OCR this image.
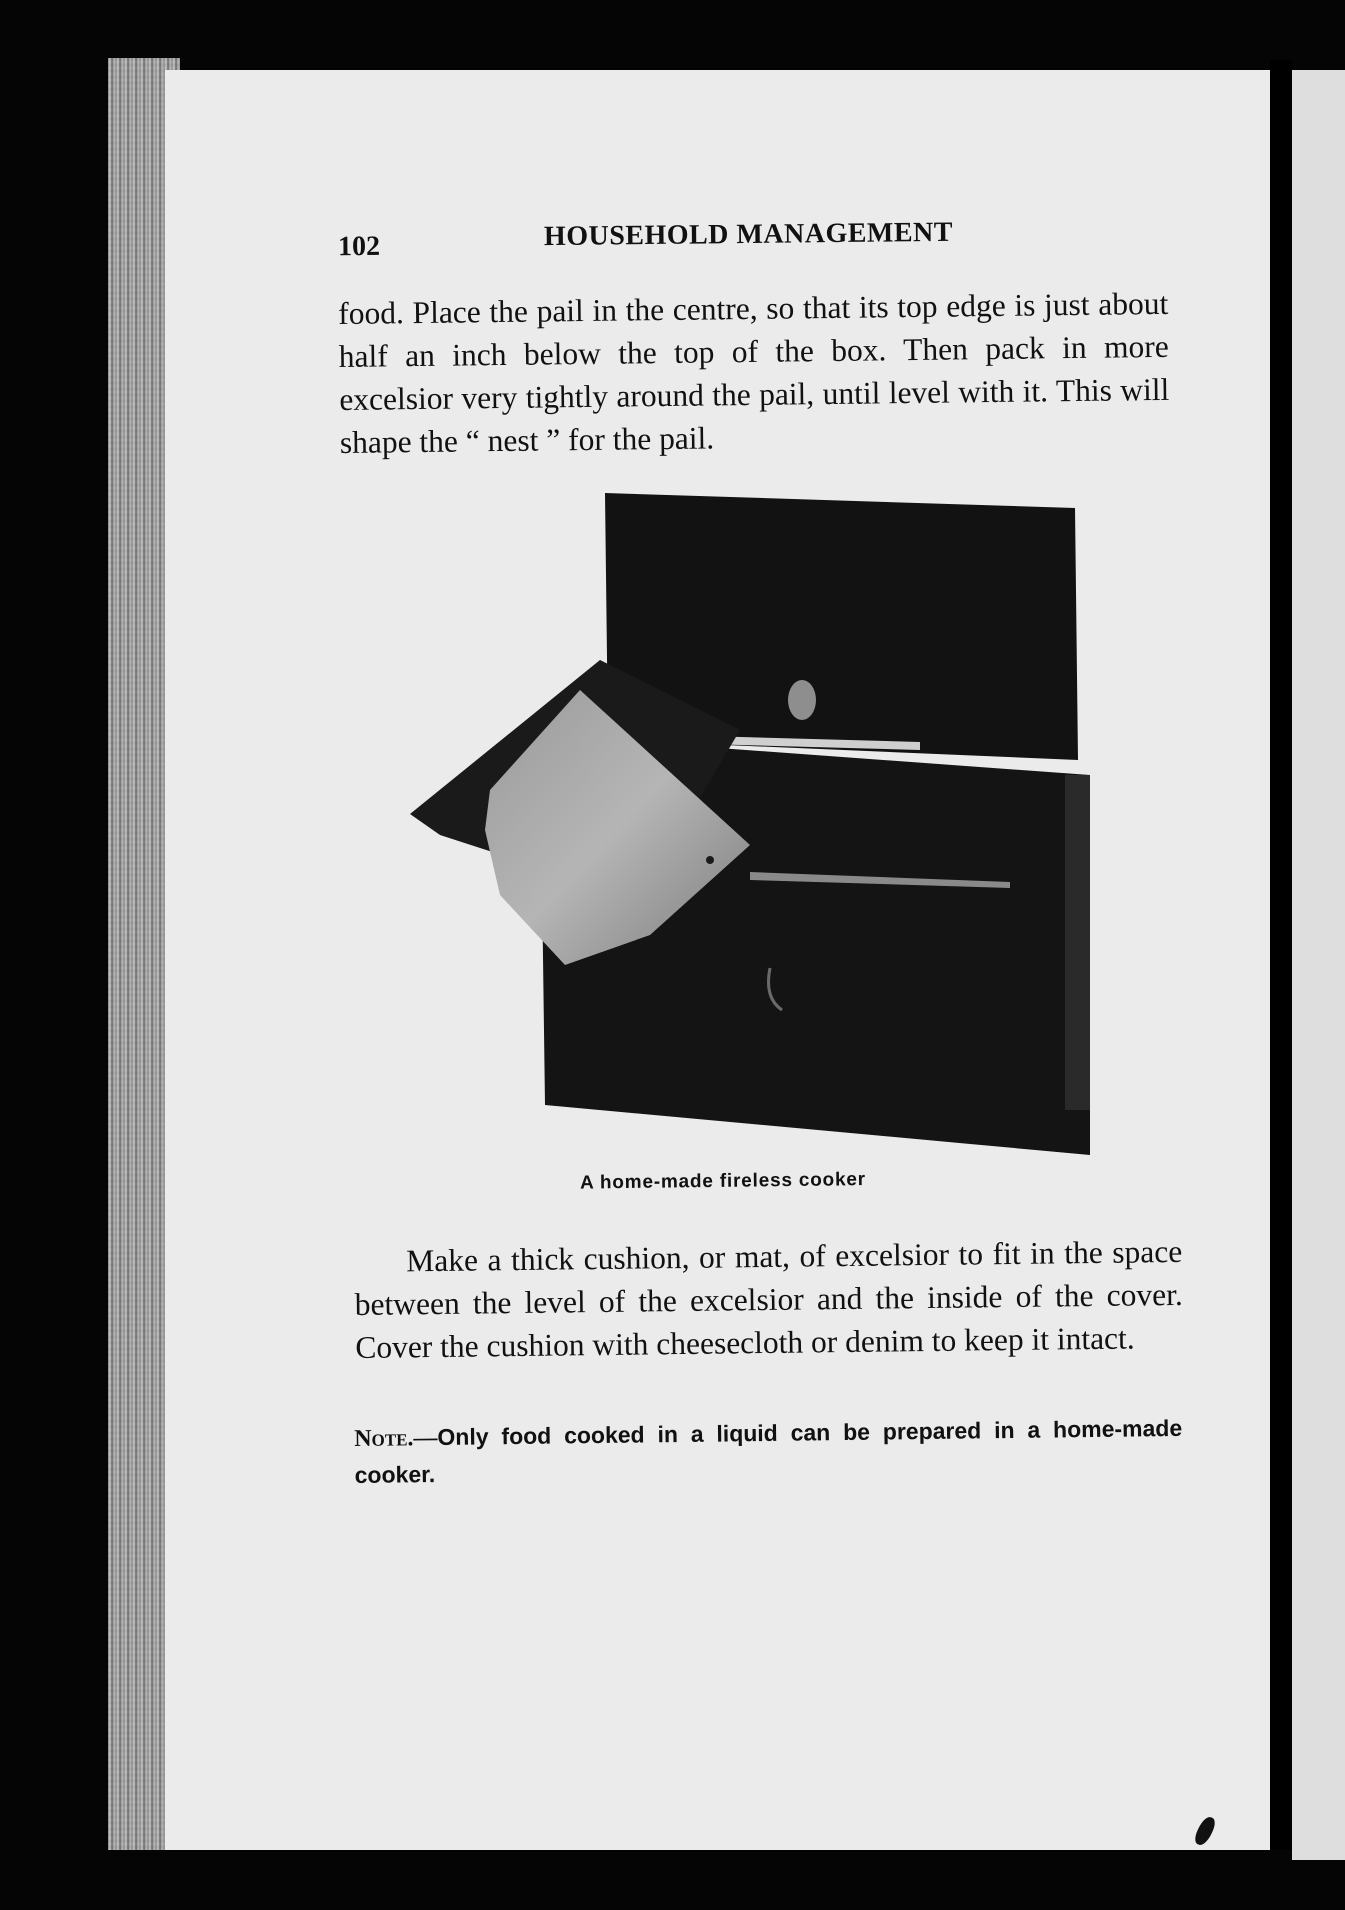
102	HOUSEHOLD MANAGEMENT
food. Place the pail in the centre, so that its top edge is just about half an inch below the top of the box. Then pack in more excelsior very tightly around the pail, until level with it. This will shape the “ nest ” for the pail.
A home-made fireless cooker
Make a thick cushion, or mat, of excelsior to fit in the space between the level of the excelsior and the inside of the cover. Cover the cushion with cheesecloth or denim to keep it intact.
Note.—Only food cooked in a liquid can be prepared in a home-made cooker.
